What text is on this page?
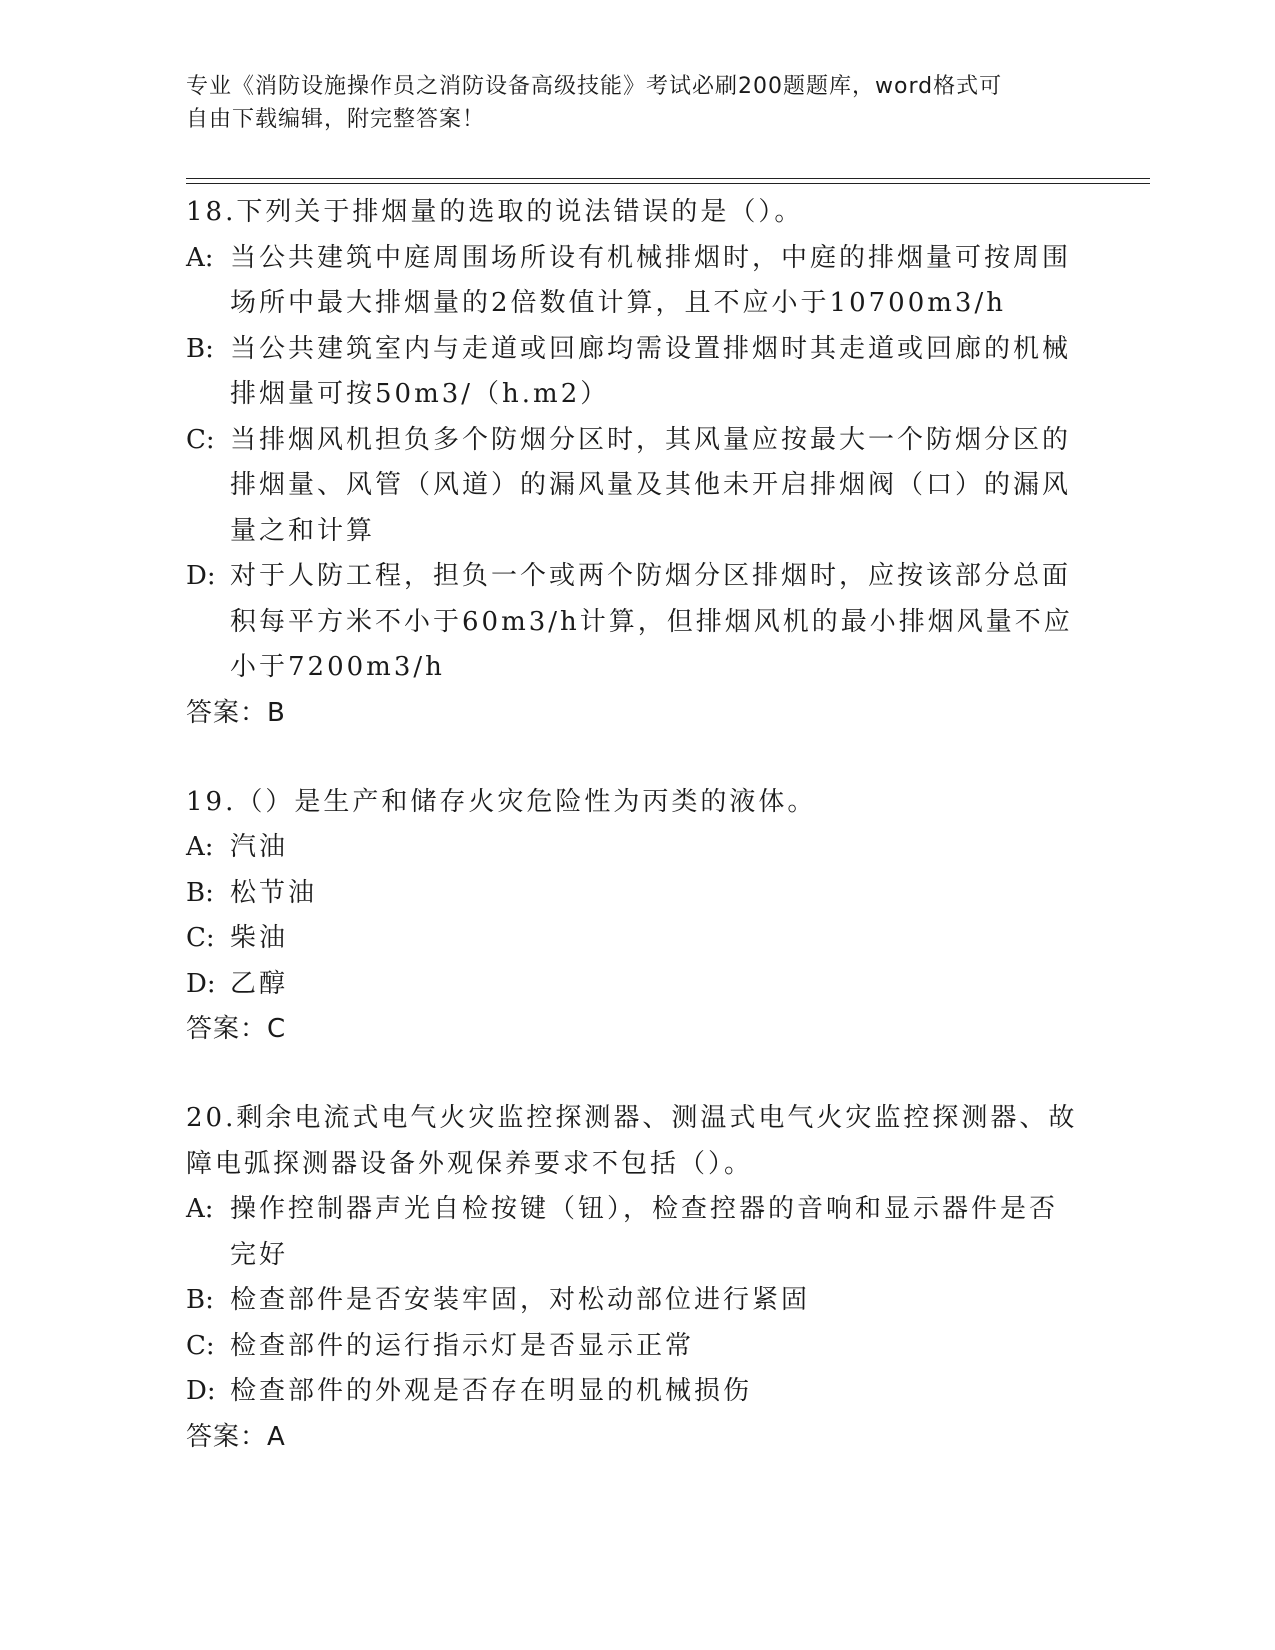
专业《消防设施操作员之消防设备高级技能》考试必刷200题题库，word格式可
自由下载编辑，附完整答案！

18.下列关于排烟量的选取的说法错误的是（）。

A: 当公共建筑中庭周围场所设有机械排烟时，中庭的排烟量可按周围场所中最大排烟量的2倍数值计算，且不应小于10700m3/h
B: 当公共建筑室内与走道或回廊均需设置排烟时其走道或回廊的机械排烟量可按50m3/（h.m2）
C: 当排烟风机担负多个防烟分区时，其风量应按最大一个防烟分区的排烟量、风管（风道）的漏风量及其他未开启排烟阀（口）的漏风量之和计算
D: 对于人防工程，担负一个或两个防烟分区排烟时，应按该部分总面积每平方米不小于60m3/h计算，但排烟风机的最小排烟风量不应小于7200m3/h
答案：B

19.（）是生产和储存火灾危险性为丙类的液体。

A: 汽油
B: 松节油
C: 柴油
D: 乙醇
答案：C

20.剩余电流式电气火灾监控探测器、测温式电气火灾监控探测器、故障电弧探测器设备外观保养要求不包括（）。

A: 操作控制器声光自检按键（钮），检查控器的音响和显示器件是否完好
B: 检查部件是否安装牢固，对松动部位进行紧固
C: 检查部件的运行指示灯是否显示正常
D: 检查部件的外观是否存在明显的机械损伤
答案：A
